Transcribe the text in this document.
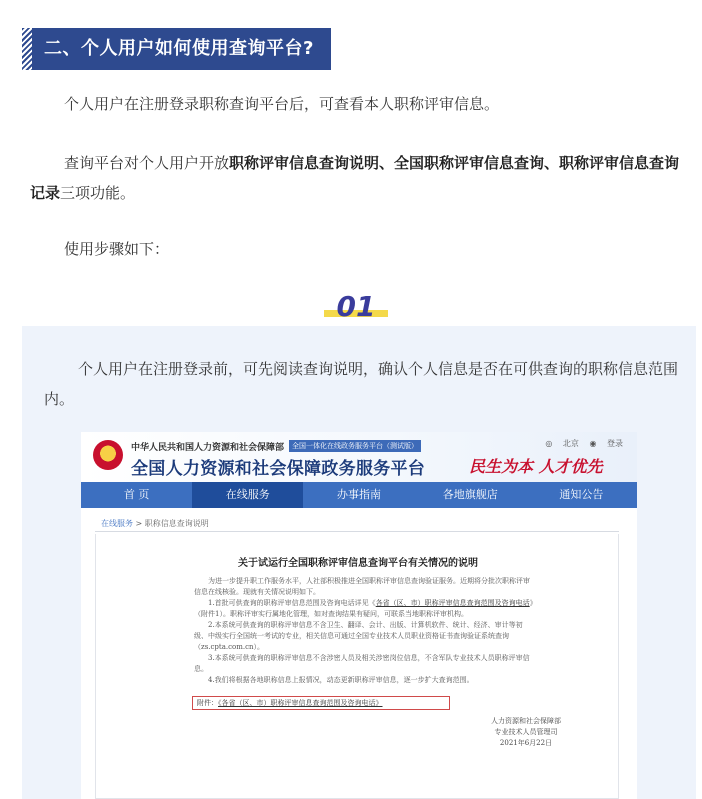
二、个人用户如何使用查询平台?
个人用户在注册登录职称查询平台后，可查看本人职称评审信息。
查询平台对个人用户开放职称评审信息查询说明、全国职称评审信息查询、职称评审信息查询记录三项功能。
使用步骤如下：
01
个人用户在注册登录前，可先阅读查询说明，确认个人信息是否在可供查询的职称信息范围内。
★
中华人民共和国人力资源和社会保障部	全国一体化在线政务服务平台（测试版）
全国人力资源和社会保障政务服务平台	民生为本 人才优先
◎ 北京 ◉ 登录
首 页	在线服务	办事指南	各地旗舰店	通知公告
在线服务 > 职称信息查询说明
关于试运行全国职称评审信息查询平台有关情况的说明

为进一步提升职工作服务水平，人社部积极推进全国职称评审信息查询验证服务。近期将分批次职称评审信息在线核验。现就有关情况说明如下。

1.首批可供查询的职称评审信息范围及咨询电话详见《各省（区、市）职称评审信息查询范围及咨询电话》（附件1）。职称评审实行属地化管理，如对查询结果有疑问，可联系当地职称评审机构。

2.本系统可供查询的职称评审信息不含卫生、翻译、会计、出版、计算机软件、统计、经济、审计等初级、中级实行全国统一考试的专业，相关信息可通过全国专业技术人员职业资格证书查询验证系统查询（zs.cpta.com.cn）。

3.本系统可供查询的职称评审信息不含涉密人员及相关涉密岗位信息，不含军队专业技术人员职称评审信息。

4.我们将根据各地职称信息上报情况，动态更新职称评审信息，逐一步扩大查询范围。

附件：《各省（区、市）职称评审信息查询范围及咨询电话》
人力资源和社会保障部
专业技术人员管理司
2021年6月22日
